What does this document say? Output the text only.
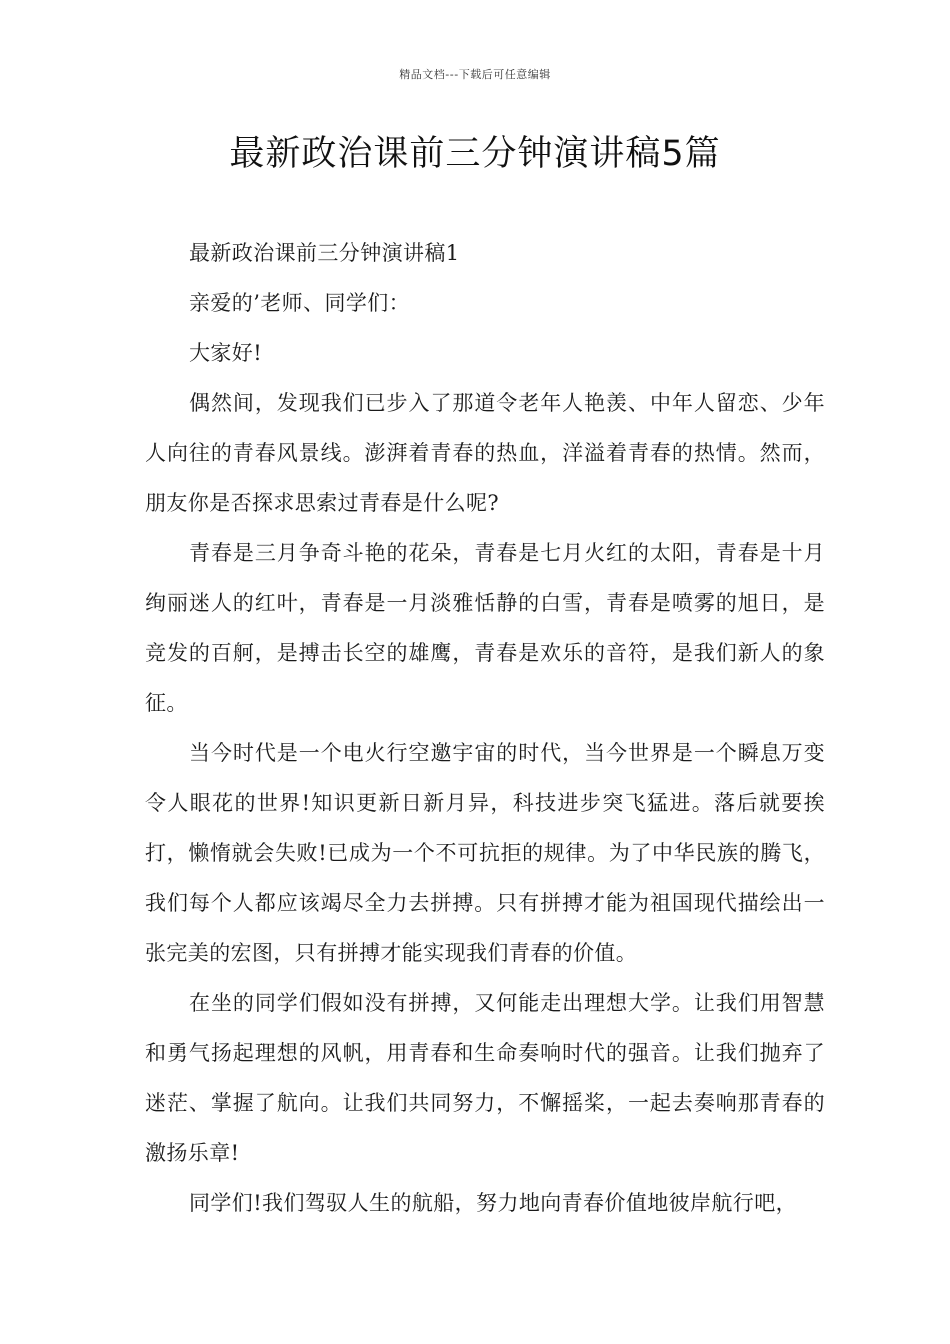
精品文档---下载后可任意编辑
最新政治课前三分钟演讲稿5篇

最新政治课前三分钟演讲稿1

亲爱的’老师、同学们：

大家好!

偶然间，发现我们已步入了那道令老年人艳羡、中年人留恋、少年人向往的青春风景线。澎湃着青春的热血，洋溢着青春的热情。然而，朋友你是否探求思索过青春是什么呢?

青春是三月争奇斗艳的花朵，青春是七月火红的太阳，青春是十月绚丽迷人的红叶，青春是一月淡雅恬静的白雪，青春是喷雾的旭日，是竞发的百舸，是搏击长空的雄鹰，青春是欢乐的音符，是我们新人的象征。

当今时代是一个电火行空邀宇宙的时代，当今世界是一个瞬息万变令人眼花的世界!知识更新日新月异，科技进步突飞猛进。落后就要挨打，懒惰就会失败!已成为一个不可抗拒的规律。为了中华民族的腾飞，我们每个人都应该竭尽全力去拼搏。只有拼搏才能为祖国现代描绘出一张完美的宏图，只有拼搏才能实现我们青春的价值。

在坐的同学们假如没有拼搏，又何能走出理想大学。让我们用智慧和勇气扬起理想的风帆，用青春和生命奏响时代的强音。让我们抛弃了迷茫、掌握了航向。让我们共同努力，不懈摇桨，一起去奏响那青春的激扬乐章!

同学们!我们驾驭人生的航船，努力地向青春价值地彼岸航行吧，
